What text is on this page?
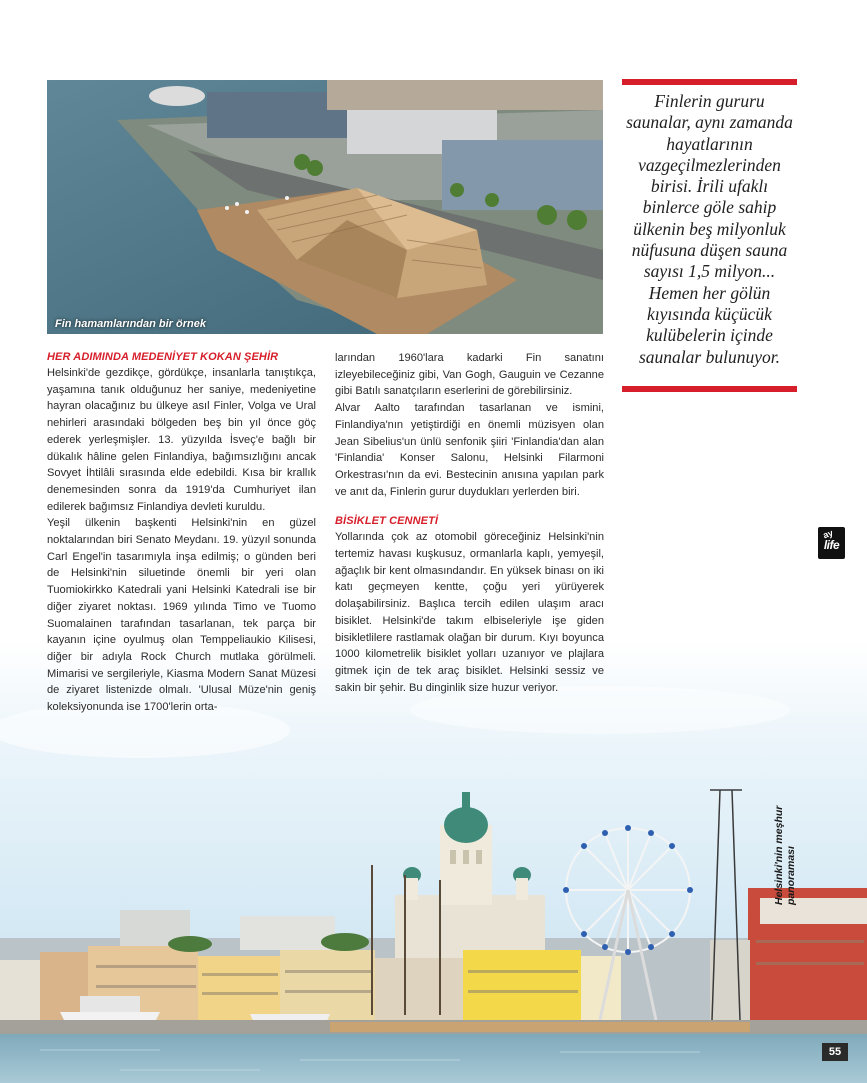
Fin hamamlarından bir örnek
Finlerin gururu saunalar, aynı zamanda hayatlarının vazgeçilmezlerinden birisi. İrili ufaklı binlerce göle sahip ülkenin beş milyonluk nüfusuna düşen sauna sayısı 1,5 milyon... Hemen her gölün kıyısında küçücük kulübelerin içinde saunalar bulunuyor.
HER ADIMINDA MEDENİYET KOKAN ŞEHİR

Helsinki'de gezdikçe, gördükçe, insanlarla tanıştıkça, yaşamına tanık olduğunuz her saniye, medeniyetine hayran olacağınız bu ülkeye asıl Finler, Volga ve Ural nehirleri arasındaki bölgeden beş bin yıl önce göç ederek yerleşmişler. 13. yüzyılda İsveç'e bağlı bir dükalık hâline gelen Finlandiya, bağımsızlığını ancak Sovyet İhtilâli sırasında elde edebildi. Kısa bir krallık denemesinden sonra da 1919'da Cumhuriyet ilan edilerek bağımsız Finlandiya devleti kuruldu.

Yeşil ülkenin başkenti Helsinki'nin en güzel noktalarından biri Senato Meydanı. 19. yüzyıl sonunda Carl Engel'in tasarımıyla inşa edilmiş; o günden beri de Helsinki'nin siluetinde önemli bir yeri olan Tuomiokirkko Katedrali yani Helsinki Katedrali ise bir diğer ziyaret noktası. 1969 yılında Timo ve Tuomo Suomalainen tarafından tasarlanan, tek parça bir kayanın içine oyulmuş olan Temppeliaukio Kilisesi, diğer bir adıyla Rock Church mutlaka görülmeli. Mimarisi ve sergileriyle, Kiasma Modern Sanat Müzesi de ziyaret listenizde olmalı. 'Ulusal Müze'nin geniş koleksiyonunda ise 1700'lerin orta-

larından 1960'lara kadarki Fin sanatını izleyebileceğiniz gibi, Van Gogh, Gauguin ve Cezanne gibi Batılı sanatçıların eserlerini de görebilirsiniz.

Alvar Aalto tarafından tasarlanan ve ismini, Finlandiya'nın yetiştirdiği en önemli müzisyen olan Jean Sibelius'un ünlü senfonik şiiri 'Finlandia'dan alan 'Finlandia' Konser Salonu, Helsinki Filarmoni Orkestrası'nın da evi. Bestecinin anısına yapılan park ve anıt da, Finlerin gurur duydukları yerlerden biri.

BİSİKLET CENNETİ

Yollarında çok az otomobil göreceğiniz Helsinki'nin tertemiz havası kuşkusuz, ormanlarla kaplı, yemyeşil, ağaçlık bir kent olmasındandır. En yüksek binası on iki katı geçmeyen kentte, çoğu yeri yürüyerek dolaşabilirsiniz. Başlıca tercih edilen ulaşım aracı bisiklet. Helsinki'de takım elbiseleriyle işe giden bisikletlilere rastlamak olağan bir durum. Kıyı boyunca 1000 kilometrelik bisiklet yolları uzanıyor ve plajlara gitmek için de tek araç bisiklet. Helsinki sessiz ve sakin bir şehir. Bu dinginlik size huzur veriyor.

ay
life
Helsinki'nin meşhur panoraması
55
